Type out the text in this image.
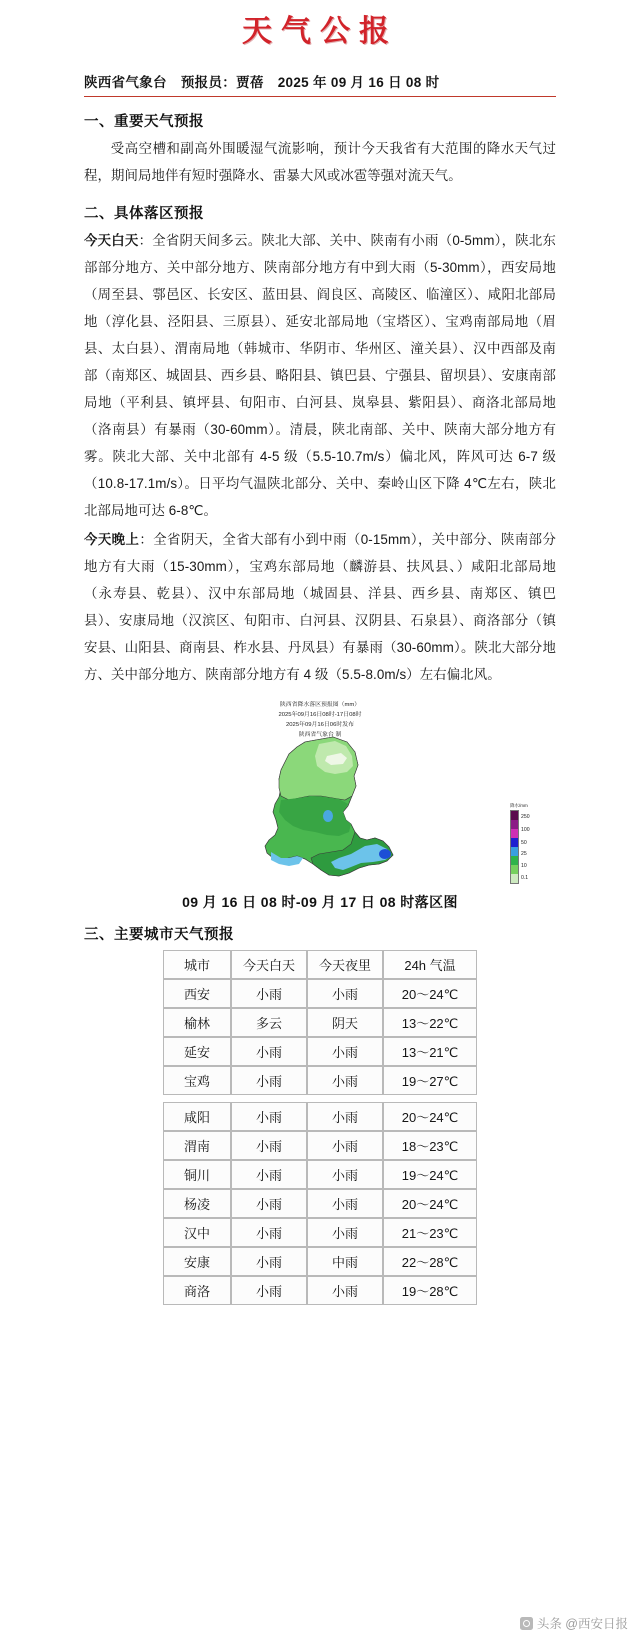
天气公报
陕西省气象台 预报员：贾蓓 2025 年 09 月 16 日 08 时
一、重要天气预报

受高空槽和副高外围暖湿气流影响，预计今天我省有大范围的降水天气过程，期间局地伴有短时强降水、雷暴大风或冰雹等强对流天气。

二、具体落区预报

今天白天：全省阴天间多云。陕北大部、关中、陕南有小雨（0-5mm），陕北东部部分地方、关中部分地方、陕南部分地方有中到大雨（5-30mm），西安局地（周至县、鄠邑区、长安区、蓝田县、阎良区、高陵区、临潼区）、咸阳北部局地（淳化县、泾阳县、三原县）、延安北部局地（宝塔区）、宝鸡南部局地（眉县、太白县）、渭南局地（韩城市、华阴市、华州区、潼关县）、汉中西部及南部（南郑区、城固县、西乡县、略阳县、镇巴县、宁强县、留坝县）、安康南部局地（平利县、镇坪县、旬阳市、白河县、岚皋县、紫阳县）、商洛北部局地（洛南县）有暴雨（30-60mm）。清晨，陕北南部、关中、陕南大部分地方有雾。陕北大部、关中北部有 4-5 级（5.5-10.7m/s）偏北风，阵风可达 6-7 级（10.8-17.1m/s）。日平均气温陕北部分、关中、秦岭山区下降 4℃左右，陕北北部局地可达 6-8℃。

今天晚上：全省阴天，全省大部有小到中雨（0-15mm），关中部分、陕南部分地方有大雨（15-30mm），宝鸡东部局地（麟游县、扶风县、）咸阳北部局地（永寿县、乾县）、汉中东部局地（城固县、洋县、西乡县、南郑区、镇巴县）、安康局地（汉滨区、旬阳市、白河县、汉阴县、石泉县）、商洛部分（镇安县、山阳县、商南县、柞水县、丹凤县）有暴雨（30-60mm）。陕北大部分地方、关中部分地方、陕南部分地方有 4 级（5.5-8.0m/s）左右偏北风。

陕西省降水落区预报图（mm）
2025年09月16日08时-17日08时
2025年09月16日06时发布
陕西省气象台 制
降水/mm
250
100
50
25
10
0.1
09 月 16 日 08 时-09 月 17 日 08 时落区图
三、主要城市天气预报
城市	今天白天	今天夜里	24h 气温
西安	小雨	小雨	20～24℃
榆林	多云	阴天	13～22℃
延安	小雨	小雨	13～21℃
宝鸡	小雨	小雨	19～27℃
咸阳	小雨	小雨	20～24℃
渭南	小雨	小雨	18～23℃
铜川	小雨	小雨	19～24℃
杨凌	小雨	小雨	20～24℃
汉中	小雨	小雨	21～23℃
安康	小雨	中雨	22～28℃
商洛	小雨	小雨	19～28℃
头条 @西安日报
